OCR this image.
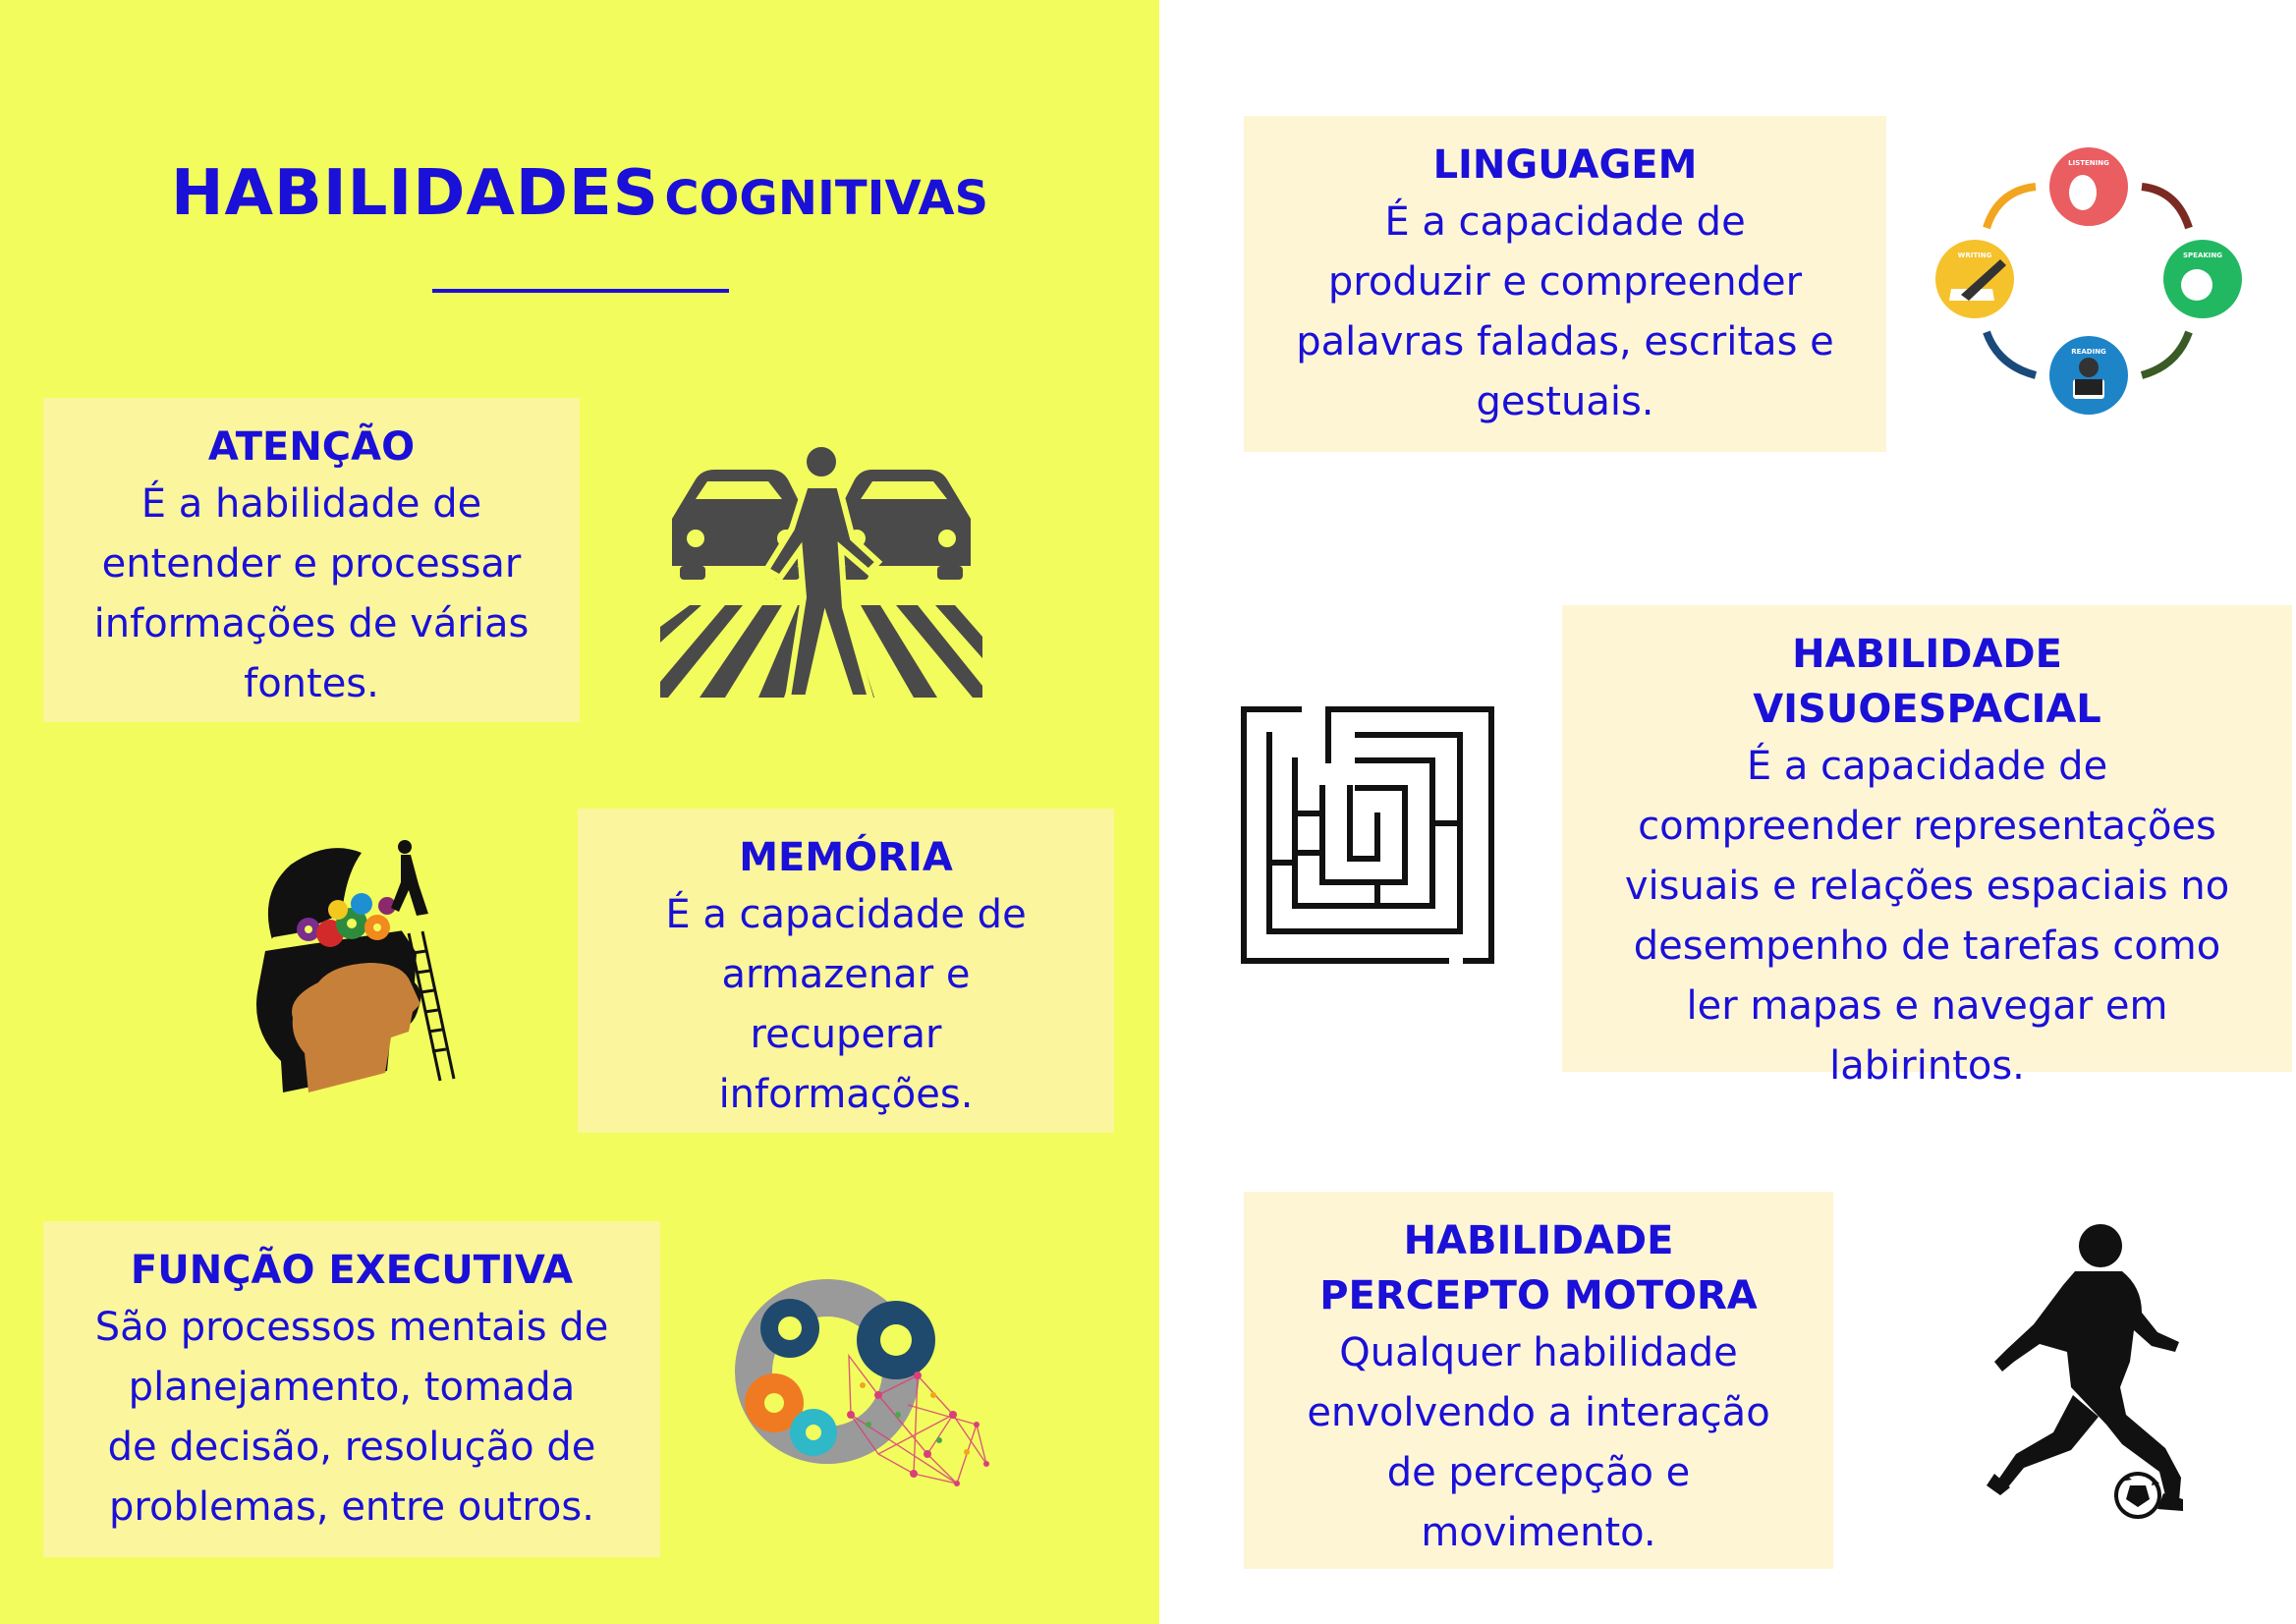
HABILIDADES COGNITIVAS
ATENÇÃO

É a habilidade de

entender e processar

informações de várias

fontes.

MEMÓRIA

É a capacidade de

armazenar e

recuperar

informações.

FUNÇÃO EXECUTIVA

São processos mentais de

planejamento, tomada

de decisão, resolução de

problemas, entre outros.

LINGUAGEM

É a capacidade de

produzir e compreender

palavras faladas, escritas e

gestuais.

HABILIDADE
VISUOESPACIAL

É a capacidade de

compreender representações

visuais e relações espaciais no

desempenho de tarefas como

ler mapas e navegar em

labirintos.

HABILIDADE
PERCEPTO MOTORA

Qualquer habilidade

envolvendo a interação

de percepção e

movimento.

LISTENING
SPEAKING
READING
WRITING
